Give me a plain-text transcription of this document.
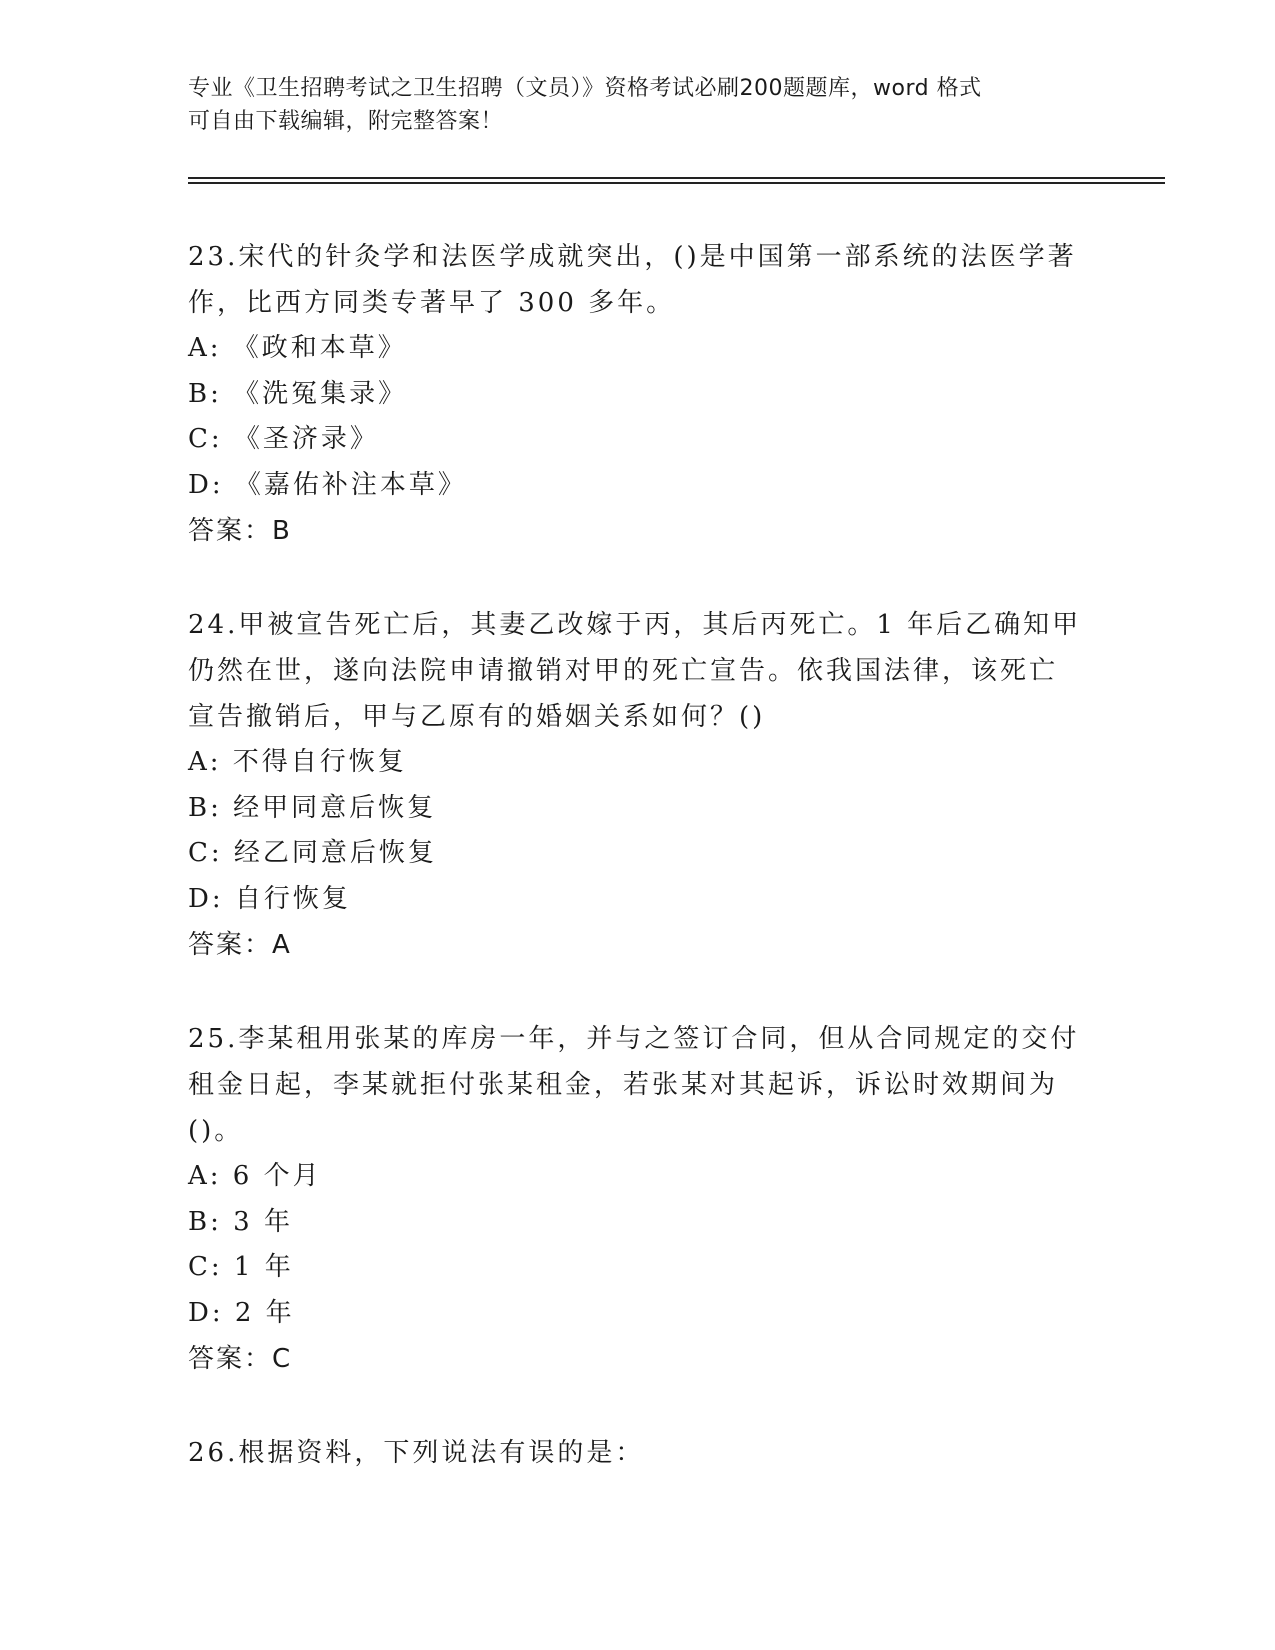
专业《卫生招聘考试之卫生招聘（文员）》资格考试必刷200题题库，word 格式
可自由下载编辑，附完整答案！

23.宋代的针灸学和法医学成就突出，()是中国第一部系统的法医学著

作，比西方同类专著早了 300 多年。

A: 《政和本草》

B: 《洗冤集录》

C: 《圣济录》

D: 《嘉佑补注本草》

答案：B

24.甲被宣告死亡后，其妻乙改嫁于丙，其后丙死亡。1 年后乙确知甲

仍然在世，遂向法院申请撤销对甲的死亡宣告。依我国法律，该死亡

宣告撤销后，甲与乙原有的婚姻关系如何？()

A: 不得自行恢复

B: 经甲同意后恢复

C: 经乙同意后恢复

D: 自行恢复

答案：A

25.李某租用张某的库房一年，并与之签订合同，但从合同规定的交付

租金日起，李某就拒付张某租金，若张某对其起诉，诉讼时效期间为

()。

A: 6 个月

B: 3 年

C: 1 年

D: 2 年

答案：C

26.根据资料，下列说法有误的是：
